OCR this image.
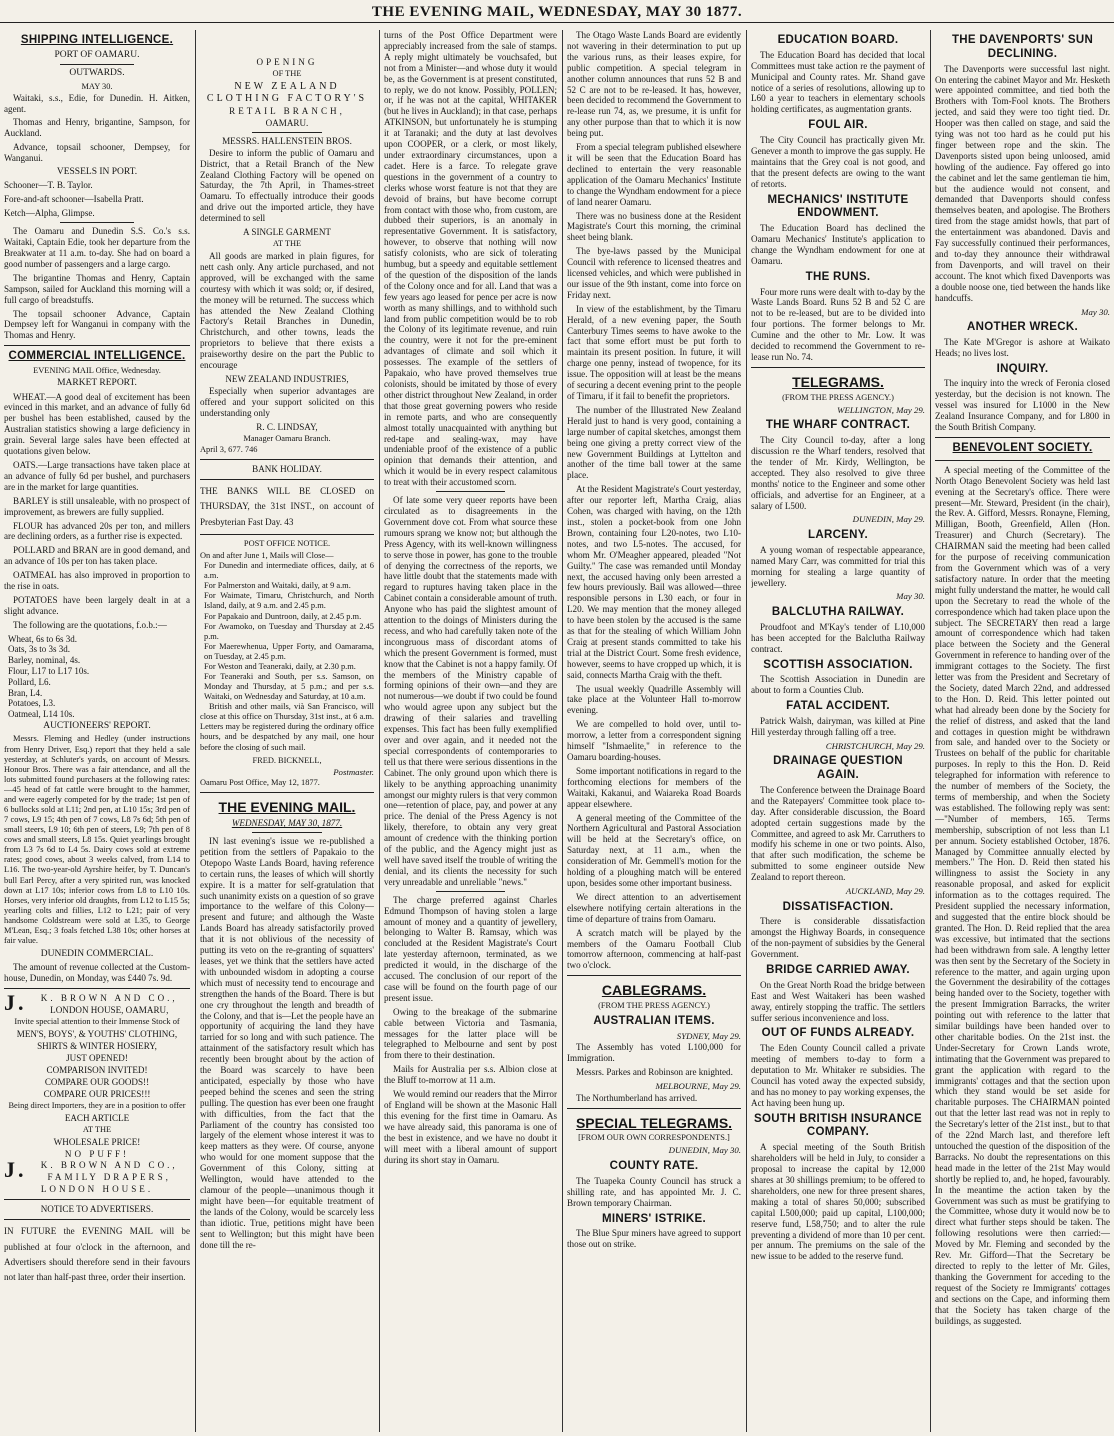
THE EVENING MAIL, WEDNESDAY, MAY 30 1877.
SHIPPING INTELLIGENCE.
PORT OF OAMARU.
OUTWARDS.
MAY 30.

Waitaki, s.s., Edie, for Dunedin. H. Aitken, agent.

Thomas and Henry, brigantine, Sampson, for Auckland.

Advance, topsail schooner, Dempsey, for Wanganui.

VESSELS IN PORT.

Schooner—T. B. Taylor.

Fore-and-aft schooner—Isabella Pratt.

Ketch—Alpha, Glimpse.

The Oamaru and Dunedin S.S. Co.'s s.s. Waitaki, Captain Edie, took her departure from the Breakwater at 11 a.m. to-day. She had on board a good number of passengers and a large cargo.

The brigantine Thomas and Henry, Captain Sampson, sailed for Auckland this morning will a full cargo of breadstuffs.

The topsail schooner Advance, Captain Dempsey left for Wanganui in company with the Thomas and Henry.

COMMERCIAL INTELLIGENCE.
EVENING MAIL Office, Wednesday.
MARKET REPORT.

WHEAT.—A good deal of excitement has been evinced in this market, and an advance of fully 6d per bushel has been established, caused by the Australian statistics showing a large deficiency in grain. Several large sales have been effected at quotations given below.

OATS.—Large transactions have taken place at an advance of fully 6d per bushel, and purchasers are in the market for large quantities.

BARLEY is still unsaleable, with no prospect of improvement, as brewers are fully supplied.

FLOUR has advanced 20s per ton, and millers are declining orders, as a further rise is expected.

POLLARD and BRAN are in good demand, and an advance of 10s per ton has taken place.

OATMEAL has also improved in proportion to the rise in oats.

POTATOES have been largely dealt in at a slight advance.

The following are the quotations, f.o.b.:—

Wheat, 6s to 6s 3d.
Oats, 3s to 3s 3d.
Barley, nominal, 4s.
Flour, L17 to L17 10s.
Pollard, L6.
Bran, L4.
Potatoes, L3.
Oatmeal, L14 10s.
AUCTIONEERS' REPORT.

Messrs. Fleming and Hedley (under instructions from Henry Driver, Esq.) report that they held a sale yesterday, at Schluter's yards, on account of Messrs. Honour Bros. There was a fair attendance, and all the lots submitted found purchasers at the following rates:—45 head of fat cattle were brought to the hammer, and were eagerly competed for by the trade; 1st pen of 6 bullocks sold at L11; 2nd pen, at L10 15s; 3rd pen of 7 cows, L9 15; 4th pen of 7 cows, L8 7s 6d; 5th pen of small steers, L9 10; 6th pen of steers, L9; 7th pen of 8 cows and small steers, L8 15s. Quiet yearlings brought from L3 7s 6d to L4 5s. Dairy cows sold at extreme rates; good cows, about 3 weeks calved, from L14 to L16. The two-year-old Ayrshire heifer, by T. Duncan's bull Earl Percy, after a very spirited run, was knocked down at L17 10s; inferior cows from L8 to L10 10s. Horses, very inferior old draughts, from L12 to L15 5s; yearling colts and fillies, L12 to L21; pair of very handsome Coldstream were sold at L35, to George M'Lean, Esq.; 3 foals fetched L38 10s; other horses at fair value.

DUNEDIN COMMERCIAL.

The amount of revenue collected at the Custom-house, Dunedin, on Monday, was £440 7s. 9d.

J. K. BROWN AND CO.,
LONDON HOUSE, OAMARU,
Invite special attention to their Immense Stock of
MEN'S, BOYS', & YOUTHS' CLOTHING,
SHIRTS & WINTER HOSIERY,
JUST OPENED!
COMPARISON INVITED!
COMPARE OUR GOODS!!
COMPARE OUR PRICES!!!
Being direct Importers, they are in a position to offer
EACH ARTICLE
AT THE
WHOLESALE PRICE!
NO PUFF!
J. K. BROWN AND CO.,
FAMILY DRAPERS,
LONDON HOUSE.
NOTICE TO ADVERTISERS.

IN FUTURE the EVENING MAIL will be published at four o'clock in the afternoon, and Advertisers should therefore send in their favours not later than half-past three, order their insertion.

OPENING
OF THE
NEW ZEALAND CLOTHING FACTORY'S
RETAIL BRANCH,
OAMARU.
MESSRS. HALLENSTEIN BROS.

Desire to inform the public of Oamaru and District, that a Retail Branch of the New Zealand Clothing Factory will be opened on Saturday, the 7th April, in Thames-street Oamaru. To effectually introduce their goods and drive out the imported article, they have determined to sell

A SINGLE GARMENT
AT THE

All goods are marked in plain figures, for nett cash only. Any article purchased, and not approved, will be exchanged with the same courtesy with which it was sold; or, if desired, the money will be returned. The success which has attended the New Zealand Clothing Factory's Retail Branches in Dunedin, Christchurch, and other towns, leads the proprietors to believe that there exists a praiseworthy desire on the part the Public to encourage

NEW ZEALAND INDUSTRIES,

Especially when superior advantages are offered and your support solicited on this understanding only

R. C. LINDSAY,
Manager Oamaru Branch.
April 3, 677. 746
BANK HOLIDAY.

THE BANKS WILL BE CLOSED on THURSDAY, the 31st INST., on account of Presbyterian Fast Day. 43

POST OFFICE NOTICE.
On and after June 1, Mails will Close—
For Dunedin and intermediate offices, daily, at 6 a.m.
For Palmerston and Waitaki, daily, at 9 a.m.
For Waimate, Timaru, Christchurch, and North Island, daily, at 9 a.m. and 2.45 p.m.
For Papakaio and Duntroon, daily, at 2.45 p.m.
For Awamoko, on Tuesday and Thursday at 2.45 p.m.
For Maerewhenua, Upper Forty, and Oamarama, on Tuesday, at 2.45 p.m.
For Weston and Teaneraki, daily, at 2.30 p.m.
For Teaneraki and South, per s.s. Samson, on Monday and Thursday, at 5 p.m.; and per s.s. Waitaki, on Wednesday and Saturday, at 10 a.m.

British and other mails, vià San Francisco, will close at this office on Thursday, 31st inst., at 6 a.m. Letters may be registered during the ordinary office hours, and be despatched by any mail, one hour before the closing of such mail.

FRED. BICKNELL,
Postmaster.
Oamaru Post Office, May 12, 1877.
THE EVENING MAIL.
WEDNESDAY, MAY 30, 1877.

IN last evening's issue we re-published a petition from the settlers of Papakaio to the Otepopo Waste Lands Board, having reference to certain runs, the leases of which will shortly expire. It is a matter for self-gratulation that such unanimity exists on a question of so grave importance to the welfare of this Colony—present and future; and although the Waste Lands Board has already satisfactorily proved that it is not oblivious of the necessity of putting its veto on the re-granting of squatters' leases, yet we think that the settlers have acted with unbounded wisdom in adopting a course which must of necessity tend to encourage and strengthen the hands of the Board. There is but one cry throughout the length and breadth of the Colony, and that is—Let the people have an opportunity of acquiring the land they have tarried for so long and with such patience. The attainment of the satisfactory result which has recently been brought about by the action of the Board was scarcely to have been anticipated, especially by those who have peeped behind the scenes and seen the string pulling. The question has ever been one fraught with difficulties, from the fact that the Parliament of the country has consisted too largely of the element whose interest it was to keep matters as they were. Of course, anyone who would for one moment suppose that the Government of this Colony, sitting at Wellington, would have attended to the clamour of the people—unanimous though it might have been—for equitable treatment of the lands of the Colony, would be scarcely less than idiotic. True, petitions might have been sent to Wellington; but this might have been done till the re-

turns of the Post Office Department were appreciably increased from the sale of stamps. A reply might ultimately be vouchsafed, but not from a Minister—and whose duty it would be, as the Government is at present constituted, to reply, we do not know. Possibly, POLLEN; or, if he was not at the capital, WHITAKER (but he lives in Auckland); in that case, perhaps ATKINSON, but unfortunately he is stumping it at Taranaki; and the duty at last devolves upon COOPER, or a clerk, or most likely, under extraordinary circumstances, upon a cadet. Here is a farce. To relegate grave questions in the government of a country to clerks whose worst feature is not that they are devoid of brains, but have become corrupt from contact with those who, from custom, are dubbed their superiors, is an anomaly in representative Government. It is satisfactory, however, to observe that nothing will now satisfy colonists, who are sick of tolerating humbug, but a speedy and equitable settlement of the question of the disposition of the lands of the Colony once and for all. Land that was a few years ago leased for pence per acre is now worth as many shillings, and to withhold such land from public competition would be to rob the Colony of its legitimate revenue, and ruin the country, were it not for the pre-eminent advantages of climate and soil which it possesses. The example of the settlers of Papakaio, who have proved themselves true colonists, should be imitated by those of every other district throughout New Zealand, in order that those great governing powers who reside in remote parts, and who are consequently almost totally unacquainted with anything but red-tape and sealing-wax, may have undeniable proof of the existence of a public opinion that demands their attention, and which it would be in every respect calamitous to treat with their accustomed scorn.

Of late some very queer reports have been circulated as to disagreements in the Government dove cot. From what source these rumours sprang we know not; but although the Press Agency, with its well-known willingness to serve those in power, has gone to the trouble of denying the correctness of the reports, we have little doubt that the statements made with regard to ruptures having taken place in the Cabinet contain a considerable amount of truth. Anyone who has paid the slightest amount of attention to the doings of Ministers during the recess, and who had carefully taken note of the incongruous mass of discordant atoms of which the present Government is formed, must know that the Cabinet is not a happy family. Of the members of the Ministry capable of forming opinions of their own—and they are not numerous—we doubt if two could be found who would agree upon any subject but the drawing of their salaries and travelling expenses. This fact has been fully exemplified over and over again, and it needed not the special correspondents of contemporaries to tell us that there were serious dissentions in the Cabinet. The only ground upon which there is likely to be anything approaching unanimity amongst our mighty rulers is that very common one—retention of place, pay, and power at any price. The denial of the Press Agency is not likely, therefore, to obtain any very great amount of credence with the thinking portion of the public, and the Agency might just as well have saved itself the trouble of writing the denial, and its clients the necessity for such very unreadable and unreliable "news."

The charge preferred against Charles Edmund Thompson of having stolen a large amount of money and a quantity of jewellery, belonging to Walter B. Ramsay, which was concluded at the Resident Magistrate's Court late yesterday afternoon, terminated, as we predicted it would, in the discharge of the accused. The conclusion of our report of the case will be found on the fourth page of our present issue.

Owing to the breakage of the submarine cable between Victoria and Tasmania, messages for the latter place will be telegraphed to Melbourne and sent by post from there to their destination.

Mails for Australia per s.s. Albion close at the Bluff to-morrow at 11 a.m.

We would remind our readers that the Mirror of England will be shown at the Masonic Hall this evening for the first time in Oamaru. As we have already said, this panorama is one of the best in existence, and we have no doubt it will meet with a liberal amount of support during its short stay in Oamaru.

The Otago Waste Lands Board are evidently not wavering in their determination to put up the various runs, as their leases expire, for public competition. A special telegram in another column announces that runs 52 B and 52 C are not to be re-leased. It has, however, been decided to recommend the Government to re-lease run 74, as, we presume, it is unfit for any other purpose than that to which it is now being put.

From a special telegram published elsewhere it will be seen that the Education Board has declined to entertain the very reasonable application of the Oamaru Mechanics' Institute to change the Wyndham endowment for a piece of land nearer Oamaru.

There was no business done at the Resident Magistrate's Court this morning, the criminal sheet being blank.

The bye-laws passed by the Municipal Council with reference to licensed theatres and licensed vehicles, and which were published in our issue of the 9th instant, come into force on Friday next.

In view of the establishment, by the Timaru Herald, of a new evening paper, the South Canterbury Times seems to have awoke to the fact that some effort must be put forth to maintain its present position. In future, it will charge one penny, instead of twopence, for its issue. The opposition will at least be the means of securing a decent evening print to the people of Timaru, if it fail to benefit the proprietors.

The number of the Illustrated New Zealand Herald just to hand is very good, containing a large number of capital sketches, amongst them being one giving a pretty correct view of the new Government Buildings at Lyttelton and another of the time ball tower at the same place.

At the Resident Magistrate's Court yesterday, after our reporter left, Martha Craig, alias Cohen, was charged with having, on the 12th inst., stolen a pocket-book from one John Brown, containing four L20-notes, two L10-notes, and two L5-notes. The accused, for whom Mr. O'Meagher appeared, pleaded "Not Guilty." The case was remanded until Monday next, the accused having only been arrested a few hours previously. Bail was allowed—three responsible persons in L30 each, or four in L20. We may mention that the money alleged to have been stolen by the accused is the same as that for the stealing of which William John Craig at present stands committed to take his trial at the District Court. Some fresh evidence, however, seems to have cropped up which, it is said, connects Martha Craig with the theft.

The usual weekly Quadrille Assembly will take place at the Volunteer Hall to-morrow evening.

We are compelled to hold over, until to-morrow, a letter from a correspondent signing himself "Ishmaelite," in reference to the Oamaru boarding-houses.

Some important notifications in regard to the forthcoming elections for members of the Waitaki, Kakanui, and Waiareka Road Boards appear elsewhere.

A general meeting of the Committee of the Northern Agricultural and Pastoral Association will be held at the Secretary's office, on Saturday next, at 11 a.m., when the consideration of Mr. Gemmell's motion for the holding of a ploughing match will be entered upon, besides some other important business.

We direct attention to an advertisement elsewhere notifying certain alterations in the time of departure of trains from Oamaru.

A scratch match will be played by the members of the Oamaru Football Club tomorrow afternoon, commencing at half-past two o'clock.

CABLEGRAMS.
(FROM THE PRESS AGENCY.)
AUSTRALIAN ITEMS.
SYDNEY, May 29.

The Assembly has voted L100,000 for Immigration.

Messrs. Parkes and Robinson are knighted.

MELBOURNE, May 29.

The Northumberland has arrived.

SPECIAL TELEGRAMS.
[FROM OUR OWN CORRESPONDENTS.]
DUNEDIN, May 30.
COUNTY RATE.

The Tuapeka County Council has struck a shilling rate, and has appointed Mr. J. C. Brown temporary Chairman.

MINERS' ISTRIKE.

The Blue Spur miners have agreed to support those out on strike.

EDUCATION BOARD.

The Education Board has decided that local Committees must take action re the payment of Municipal and County rates. Mr. Shand gave notice of a series of resolutions, allowing up to L60 a year to teachers in elementary schools holding certificates, as augmentation grants.

FOUL AIR.

The City Council has practically given Mr. Genever a month to improve the gas supply. He maintains that the Grey coal is not good, and that the present defects are owing to the want of retorts.

MECHANICS' INSTITUTE ENDOWMENT.

The Education Board has declined the Oamaru Mechanics' Institute's application to change the Wyndham endowment for one at Oamaru.

THE RUNS.

Four more runs were dealt with to-day by the Waste Lands Board. Runs 52 B and 52 C are not to be re-leased, but are to be divided into four portions. The former belongs to Mr. Cumine and the other to Mr. Low. It was decided to recommend the Government to re-lease run No. 74.

TELEGRAMS.
(FROM THE PRESS AGENCY.)
WELLINGTON, May 29.
THE WHARF CONTRACT.

The City Council to-day, after a long discussion re the Wharf tenders, resolved that the tender of Mr. Kirdy, Wellington, be accepted. They also resolved to give three months' notice to the Engineer and some other officials, and advertise for an Engineer, at a salary of L500.

DUNEDIN, May 29.
LARCENY.

A young woman of respectable appearance, named Mary Carr, was committed for trial this morning for stealing a large quantity of jewellery.

May 30.
BALCLUTHA RAILWAY.

Proudfoot and M'Kay's tender of L10,000 has been accepted for the Balclutha Railway contract.

SCOTTISH ASSOCIATION.

The Scottish Association in Dunedin are about to form a Counties Club.

FATAL ACCIDENT.

Patrick Walsh, dairyman, was killed at Pine Hill yesterday through falling off a tree.

CHRISTCHURCH, May 29.
DRAINAGE QUESTION AGAIN.

The Conference between the Drainage Board and the Ratepayers' Committee took place to-day. After considerable discussion, the Board adopted certain suggestions made by the Committee, and agreed to ask Mr. Carruthers to modify his scheme in one or two points. Also, that after such modification, the scheme be submitted to some engineer outside New Zealand to report thereon.

AUCKLAND, May 29.
DISSATISFACTION.

There is considerable dissatisfaction amongst the Highway Boards, in consequence of the non-payment of subsidies by the General Government.

BRIDGE CARRIED AWAY.

On the Great North Road the bridge between East and West Waitakeri has been washed away, entirely stopping the traffic. The settlers suffer serious inconvenience and loss.

OUT OF FUNDS ALREADY.

The Eden County Council called a private meeting of members to-day to form a deputation to Mr. Whitaker re subsidies. The Council has voted away the expected subsidy, and has no money to pay working expenses, the Act having been hung up.

SOUTH BRITISH INSURANCE COMPANY.

A special meeting of the South British shareholders will be held in July, to consider a proposal to increase the capital by 12,000 shares at 30 shillings premium; to be offered to shareholders, one new for three present shares, making a total of shares 50,000; subscribed capital L500,000; paid up capital, L100,000; reserve fund, L58,750; and to alter the rule preventing a dividend of more than 10 per cent. per annum. The premiums on the sale of the new issue to be added to the reserve fund.

THE DAVENPORTS' SUN DECLINING.

The Davenports were successful last night. On entering the cabinet Mayor and Mr. Hesketh were appointed committee, and tied both the Brothers with Tom-Fool knots. The Brothers jected, and said they were too tight tied. Dr. Hooper was then called on stage, and said the tying was not too hard as he could put his finger between rope and the skin. The Davenports sisted upon being unloosed, amid howling of the audience. Fay offered go into the cabinet and let the same gentleman tie him, but the audience would not consent, and demanded that Davenports should confess themselves beaten, and apologise. The Brothers tired from the stage amidst howls, that part of the entertainment was abandoned. Davis and Fay successfully continued their performances, and to-day they announce their withdrawal from Davenports, and will travel on their account. The knot which fixed Davenports was a double noose one, tied between the hands like handcuffs.

May 30.
ANOTHER WRECK.

The Kate M'Gregor is ashore at Waikato Heads; no lives lost.

INQUIRY.

The inquiry into the wreck of Feronia closed yesterday, but the decision is not known. The vessel was insured for L1000 in the New Zealand Insurance Company, and for L800 in the South British Company.

BENEVOLENT SOCIETY.

A special meeting of the Committee of the North Otago Benevolent Society was held last evening at the Secretary's office. There were present—Mr. Steward, President (in the chair), the Rev. A. Gifford, Messrs. Ronayne, Fleming, Milligan, Booth, Greenfield, Allen (Hon. Treasurer) and Church (Secretary). The CHAIRMAN said the meeting had been called for the purpose of receiving communication from the Government which was of a very satisfactory nature. In order that the meeting might fully understand the matter, he would call upon the Secretary to read the whole of the correspondence which had taken place upon the subject. The SECRETARY then read a large amount of correspondence which had taken place between the Society and the General Government in reference to handing over of the immigrant cottages to the Society. The first letter was from the President and Secretary of the Society, dated March 22nd, and addressed to the Hon. D. Reid. This letter pointed out what had already been done by the Society for the relief of distress, and asked that the land and cottages in question might be withdrawn from sale, and handed over to the Society or Trustees on behalf of the public for charitable purposes. In reply to this the Hon. D. Reid telegraphed for information with reference to the number of members of the Society, the terms of membership, and when the Society was established. The following reply was sent:—"Number of members, 165. Terms membership, subscription of not less than L1 per annum. Society established October, 1876. Managed by Committee annually elected by members." The Hon. D. Reid then stated his willingness to assist the Society in any reasonable proposal, and asked for explicit information as to the cottages required. The President supplied the necessary information, and suggested that the entire block should be granted. The Hon. D. Reid replied that the area was excessive, but intimated that the sections had been withdrawn from sale. A lengthy letter was then sent by the Secretary of the Society in reference to the matter, and again urging upon the Government the desirability of the cottages being handed over to the Society, together with the present Immigration Barracks, the writer pointing out with reference to the latter that similar buildings have been handed over to other charitable bodies. On the 21st inst. the Under-Secretary for Crown Lands wrote, intimating that the Government was prepared to grant the application with regard to the immigrants' cottages and that the section upon which they stand would be set aside for charitable purposes. The CHAIRMAN pointed out that the letter last read was not in reply to the Secretary's letter of the 21st inst., but to that of the 22nd March last, and therefore left untouched the question of the disposition of the Barracks. No doubt the representations on this head made in the letter of the 21st May would shortly be replied to, and, he hoped, favourably. In the meantime the action taken by the Government was such as must be gratifying to the Committee, whose duty it would now be to direct what further steps should be taken. The following resolutions were then carried:— Moved by Mr. Fleming and seconded by the Rev. Mr. Gifford—That the Secretary be directed to reply to the letter of Mr. Giles, thanking the Government for acceding to the request of the Society re Immigrants' cottages and sections on the Cape, and informing them that the Society has taken charge of the buildings, as suggested.
